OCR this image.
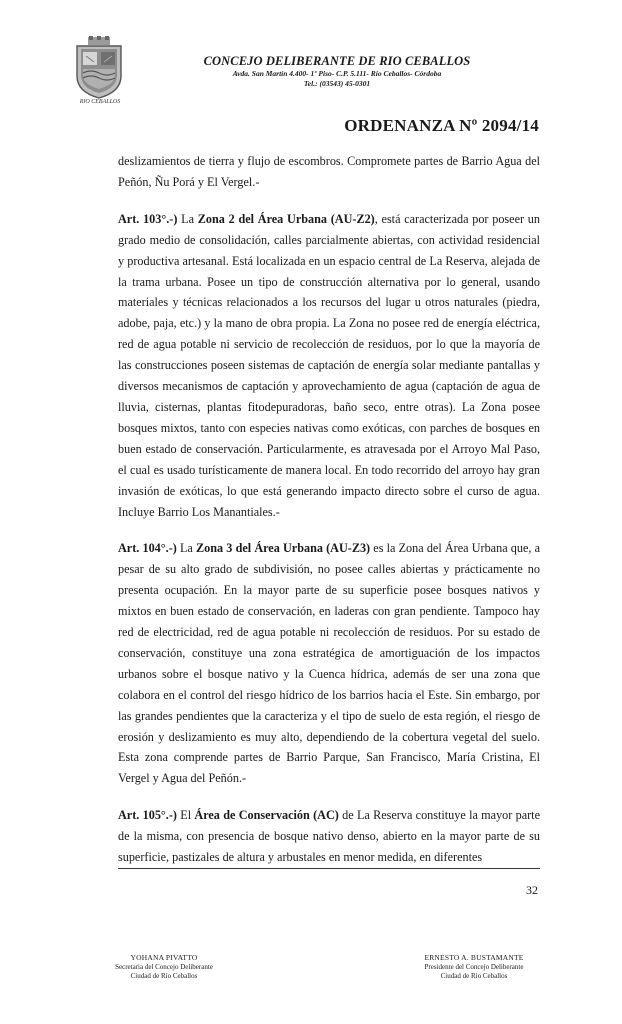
RIO CEBALLOS
CONCEJO DELIBERANTE DE RIO CEBALLOS
Avda. San Martín 4.400- 1º Piso- C.P. 5.111- Río Ceballos- Córdoba
Tel.: (03543) 45-0301
ORDENANZA Nº 2094/14

deslizamientos de tierra y flujo de escombros. Compromete partes de Barrio Agua del Peñón, Ñu Porá y El Vergel.-

Art. 103°.-) La Zona 2 del Área Urbana (AU-Z2), está caracterizada por poseer un grado medio de consolidación, calles parcialmente abiertas, con actividad residencial y productiva artesanal. Está localizada en un espacio central de La Reserva, alejada de la trama urbana. Posee un tipo de construcción alternativa por lo general, usando materiales y técnicas relacionados a los recursos del lugar u otros naturales (piedra, adobe, paja, etc.) y la mano de obra propia. La Zona no posee red de energía eléctrica, red de agua potable ni servicio de recolección de residuos, por lo que la mayoría de las construcciones poseen sistemas de captación de energía solar mediante pantallas y diversos mecanismos de captación y aprovechamiento de agua (captación de agua de lluvia, cisternas, plantas fitodepuradoras, baño seco, entre otras). La Zona posee bosques mixtos, tanto con especies nativas como exóticas, con parches de bosques en buen estado de conservación. Particularmente, es atravesada por el Arroyo Mal Paso, el cual es usado turísticamente de manera local. En todo recorrido del arroyo hay gran invasión de exóticas, lo que está generando impacto directo sobre el curso de agua. Incluye Barrio Los Manantiales.-

Art. 104°.-) La Zona 3 del Área Urbana (AU-Z3) es la Zona del Área Urbana que, a pesar de su alto grado de subdivisión, no posee calles abiertas y prácticamente no presenta ocupación. En la mayor parte de su superficie posee bosques nativos y mixtos en buen estado de conservación, en laderas con gran pendiente. Tampoco hay red de electricidad, red de agua potable ni recolección de residuos. Por su estado de conservación, constituye una zona estratégica de amortiguación de los impactos urbanos sobre el bosque nativo y la Cuenca hídrica, además de ser una zona que colabora en el control del riesgo hídrico de los barrios hacia el Este. Sin embargo, por las grandes pendientes que la caracteriza y el tipo de suelo de esta región, el riesgo de erosión y deslizamiento es muy alto, dependiendo de la cobertura vegetal del suelo. Esta zona comprende partes de Barrio Parque, San Francisco, María Cristina, El Vergel y Agua del Peñón.-

Art. 105°.-) El Área de Conservación (AC) de La Reserva constituye la mayor parte de la misma, con presencia de bosque nativo denso, abierto en la mayor parte de su superficie, pastizales de altura y arbustales en menor medida, en diferentes

32
YOHANA PIVATTO
Secretaria del Concejo Deliberante
Ciudad de Río Ceballos
ERNESTO A. BUSTAMANTE
Presidente del Concejo Deliberante
Ciudad de Río Ceballos
